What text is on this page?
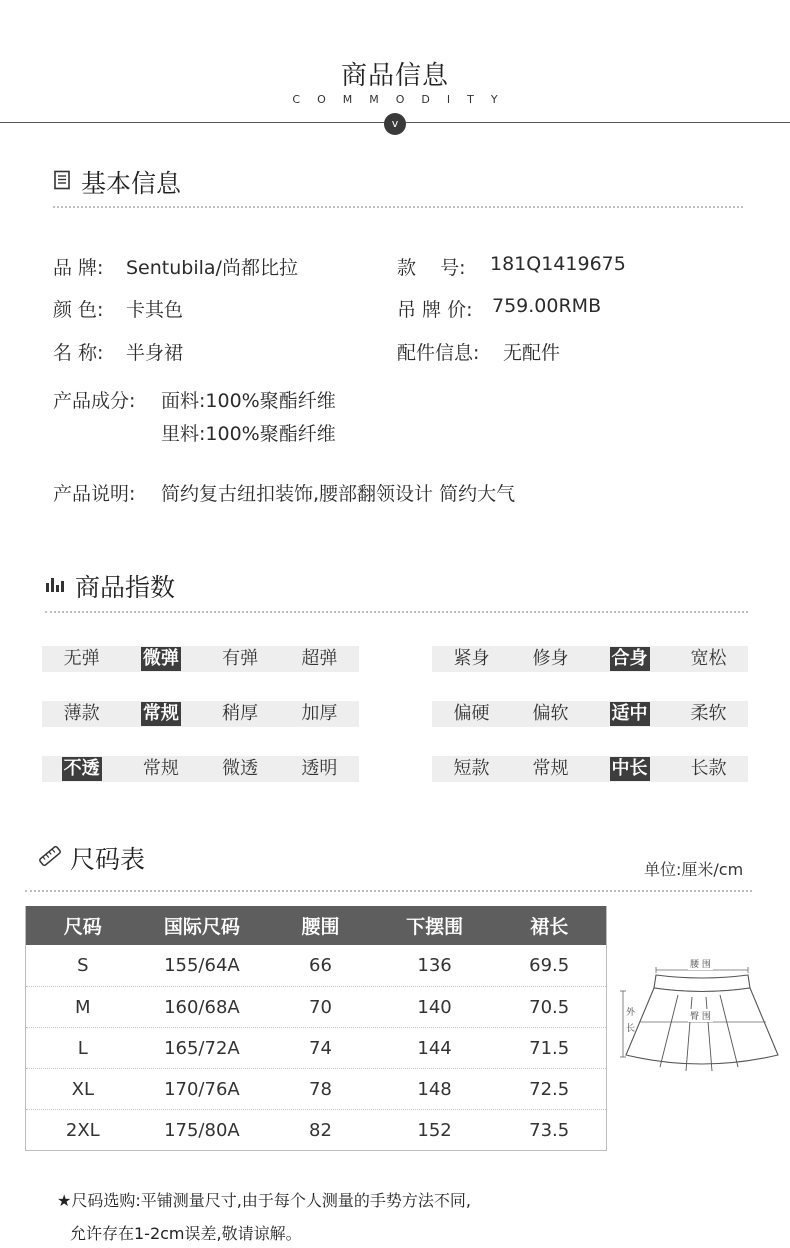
商品信息
COMMODITY
v
基本信息
品 牌: Sentubila/尚都比拉	款    号: 181Q1419675
颜 色: 卡其色	吊 牌 价: 759.00RMB
名 称: 半身裙	配件信息: 无配件
产品成分: 面料:100%聚酯纤维
里料:100%聚酯纤维
产品说明: 简约复古纽扣装饰,腰部翻领设计 简约大气
商品指数
无弹	微弹	有弹	超弹
薄款	常规	稍厚	加厚
不透	常规	微透	透明
紧身	修身	合身	宽松
偏硬	偏软	适中	柔软
短款	常规	中长	长款
尺码表	单位:厘米/cm
尺码	国际尺码	腰围	下摆围	裙长
S	155/64A	66	136	69.5
M	160/68A	70	140	70.5
L	165/72A	74	144	71.5
XL	170/76A	78	148	72.5
2XL	175/80A	82	152	73.5
腰 围
臀 围
外
长
★尺码选购:平铺测量尺寸,由于每个人测量的手势方法不同,
允许存在1-2cm误差,敬请谅解。
